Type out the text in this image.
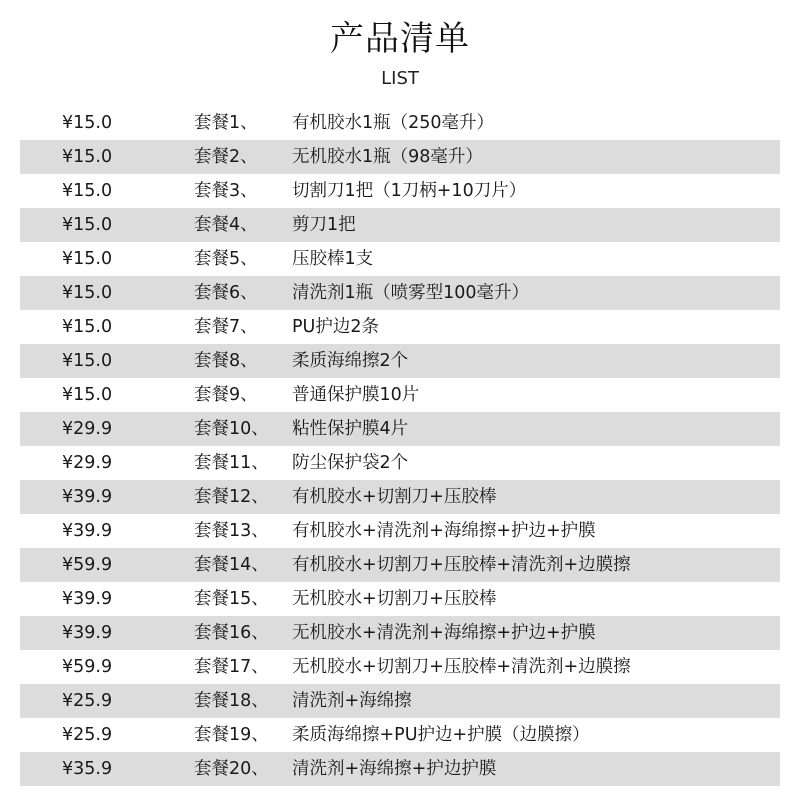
产品清单
LIST
¥15.0	套餐1、 有机胶水1瓶（250毫升）
¥15.0	套餐2、 无机胶水1瓶（98毫升）
¥15.0	套餐3、 切割刀1把（1刀柄+10刀片）
¥15.0	套餐4、 剪刀1把
¥15.0	套餐5、 压胶棒1支
¥15.0	套餐6、 清洗剂1瓶（喷雾型100毫升）
¥15.0	套餐7、 PU护边2条
¥15.0	套餐8、 柔质海绵擦2个
¥15.0	套餐9、 普通保护膜10片
¥29.9	套餐10、 粘性保护膜4片
¥29.9	套餐11、 防尘保护袋2个
¥39.9	套餐12、 有机胶水+切割刀+压胶棒
¥39.9	套餐13、 有机胶水+清洗剂+海绵擦+护边+护膜
¥59.9	套餐14、 有机胶水+切割刀+压胶棒+清洗剂+边膜擦
¥39.9	套餐15、 无机胶水+切割刀+压胶棒
¥39.9	套餐16、 无机胶水+清洗剂+海绵擦+护边+护膜
¥59.9	套餐17、 无机胶水+切割刀+压胶棒+清洗剂+边膜擦
¥25.9	套餐18、 清洗剂+海绵擦
¥25.9	套餐19、 柔质海绵擦+PU护边+护膜（边膜擦）
¥35.9	套餐20、 清洗剂+海绵擦+护边护膜
